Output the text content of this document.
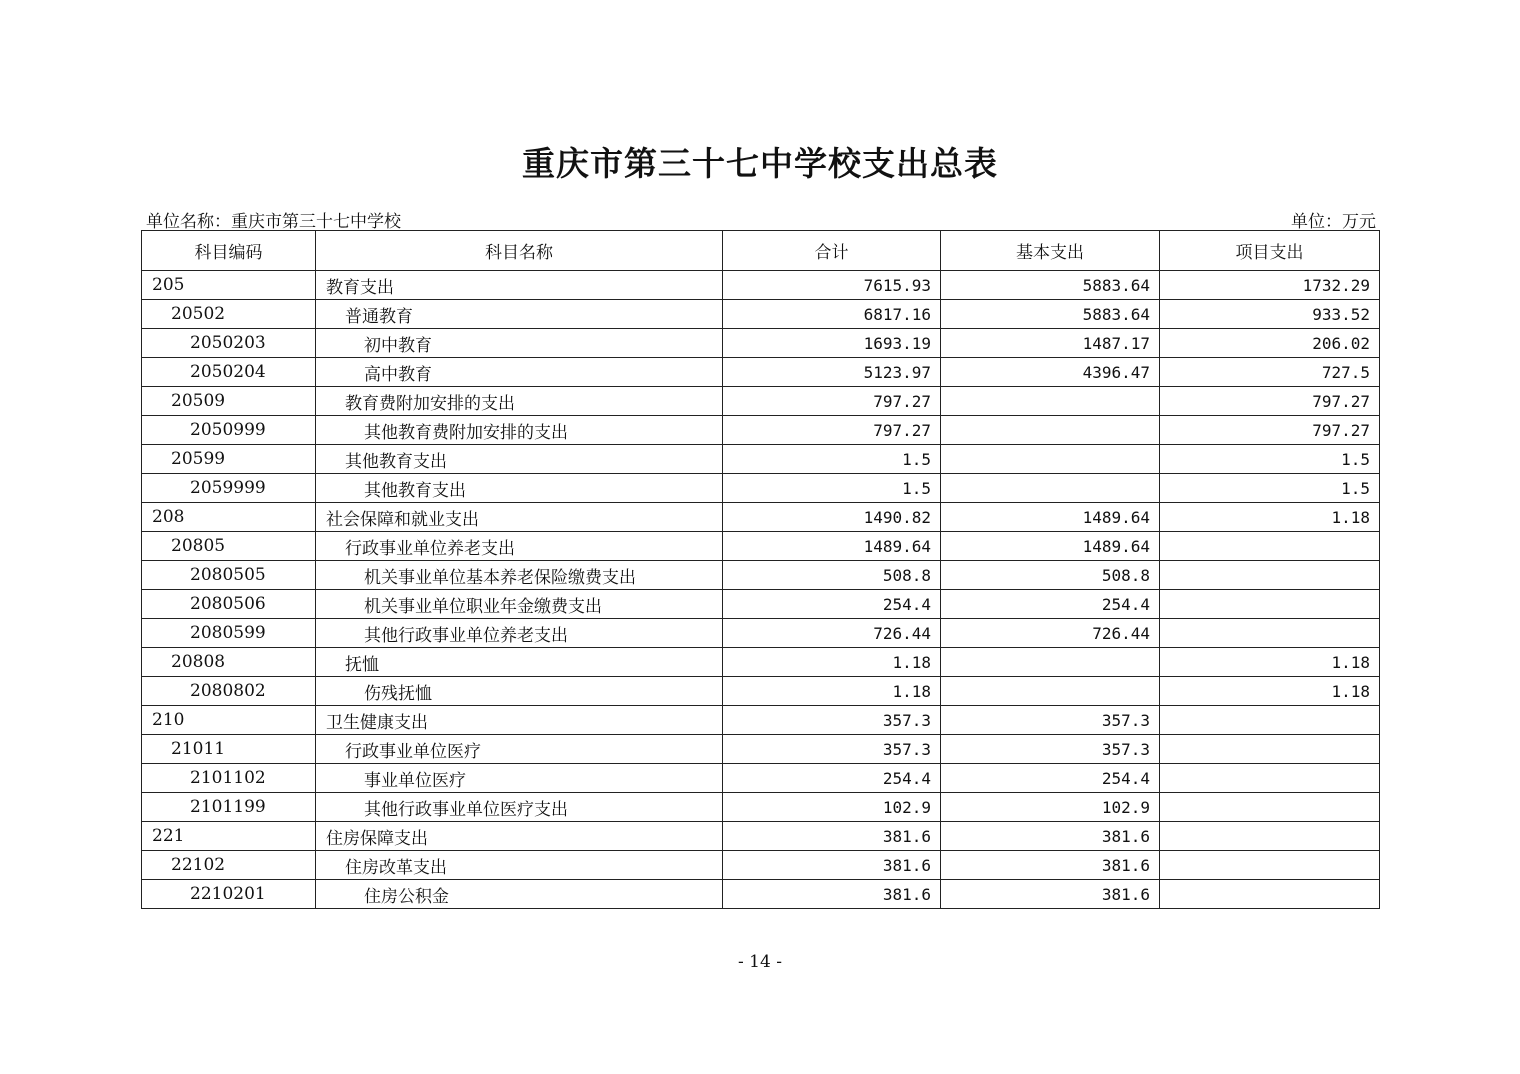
重庆市第三十七中学校支出总表
单位名称：重庆市第三十七中学校	单位：万元
科目编码	科目名称	合计	基本支出	项目支出
205	教育支出	7615.93	5883.64	1732.29
20502	普通教育	6817.16	5883.64	933.52
2050203	初中教育	1693.19	1487.17	206.02
2050204	高中教育	5123.97	4396.47	727.5
20509	教育费附加安排的支出	797.27		797.27
2050999	其他教育费附加安排的支出	797.27		797.27
20599	其他教育支出	1.5		1.5
2059999	其他教育支出	1.5		1.5
208	社会保障和就业支出	1490.82	1489.64	1.18
20805	行政事业单位养老支出	1489.64	1489.64	
2080505	机关事业单位基本养老保险缴费支出	508.8	508.8	
2080506	机关事业单位职业年金缴费支出	254.4	254.4	
2080599	其他行政事业单位养老支出	726.44	726.44	
20808	抚恤	1.18		1.18
2080802	伤残抚恤	1.18		1.18
210	卫生健康支出	357.3	357.3	
21011	行政事业单位医疗	357.3	357.3	
2101102	事业单位医疗	254.4	254.4	
2101199	其他行政事业单位医疗支出	102.9	102.9	
221	住房保障支出	381.6	381.6	
22102	住房改革支出	381.6	381.6	
2210201	住房公积金	381.6	381.6	
- 14 -
